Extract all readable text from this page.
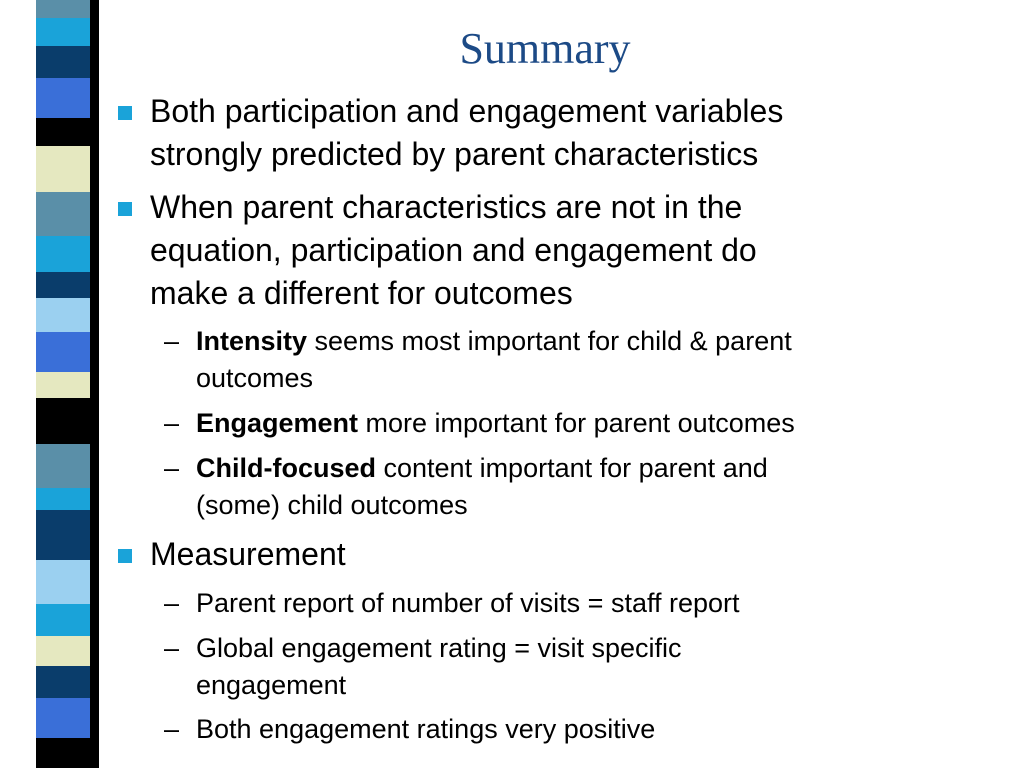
Summary
Both participation and engagement variables
strongly predicted by parent characteristics
When parent characteristics are not in the
equation, participation and engagement do
make a different for outcomes
– Intensity seems most important for child & parent
outcomes
– Engagement more important for parent outcomes
– Child-focused content important for parent and
(some) child outcomes
Measurement
– Parent report of number of visits = staff report
– Global engagement rating = visit specific
engagement
– Both engagement ratings very positive
